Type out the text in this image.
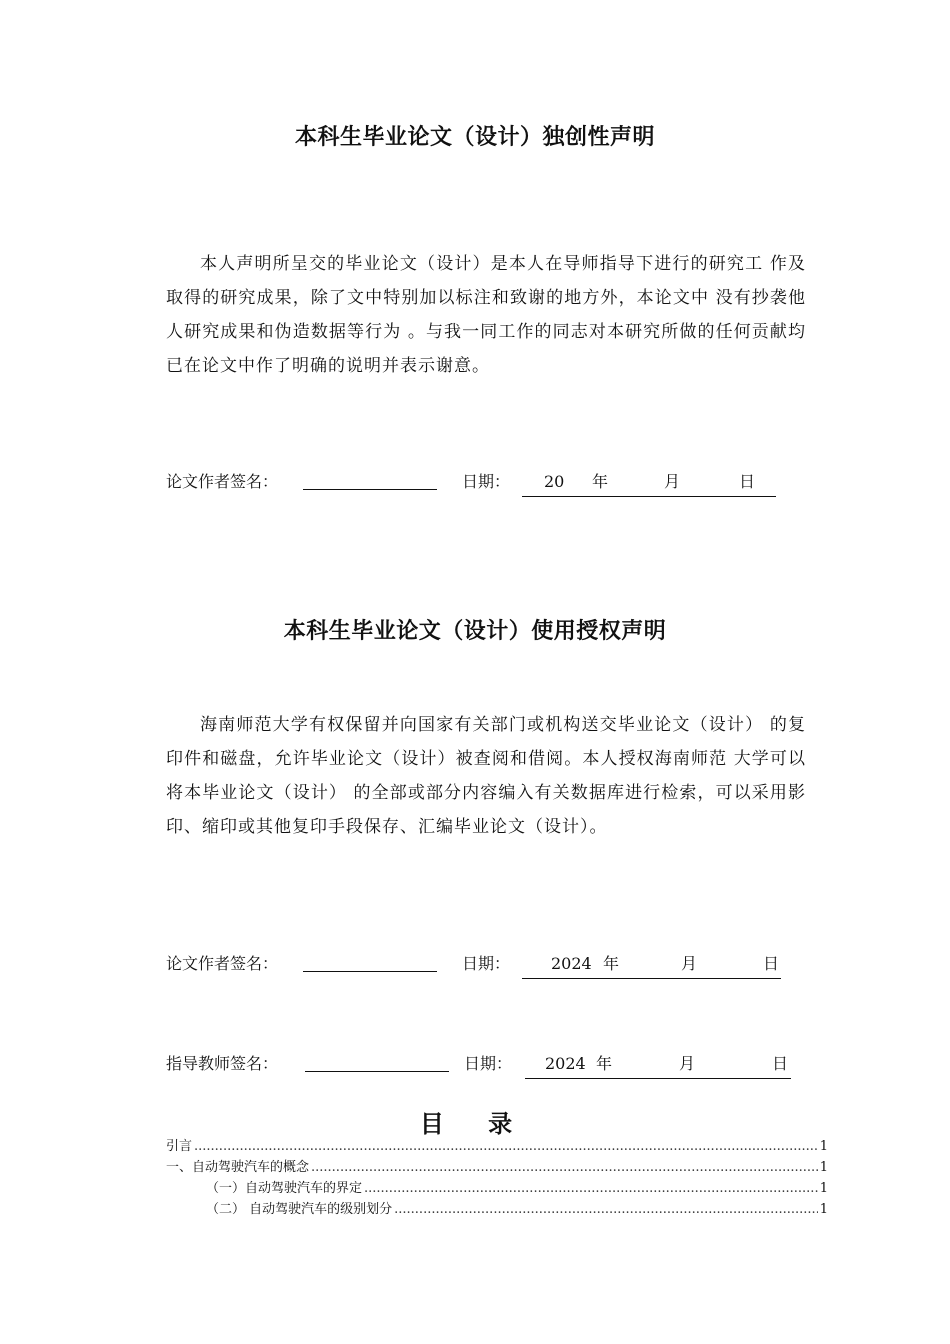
本科生毕业论文（设计）独创性声明
本人声明所呈交的毕业论文（设计）是本人在导师指导下进行的研究工 作及取得的研究成果，除了文中特别加以标注和致谢的地方外，本论文中 没有抄袭他人研究成果和伪造数据等行为 。与我一同工作的同志对本研究所做的任何贡献均已在论文中作了明确的说明并表示谢意。
论文作者签名：	日期： 20 年	月	日
本科生毕业论文（设计）使用授权声明
海南师范大学有权保留并向国家有关部门或机构送交毕业论文（设计） 的复印件和磁盘，允许毕业论文（设计）被查阅和借阅。本人授权海南师范 大学可以将本毕业论文（设计） 的全部或部分内容编入有关数据库进行检索，可以采用影印、缩印或其他复印手段保存、汇编毕业论文（设计）。
论文作者签名：	日期：	2024 年	月	日
指导教师签名：	日期： 2024 年	月	日
目 录
引言 .....	1
一、自动驾驶汽车的概念 .....	1
（一）自动驾驶汽车的界定 .....	1
（二） 自动驾驶汽车的级别划分 .....	1
